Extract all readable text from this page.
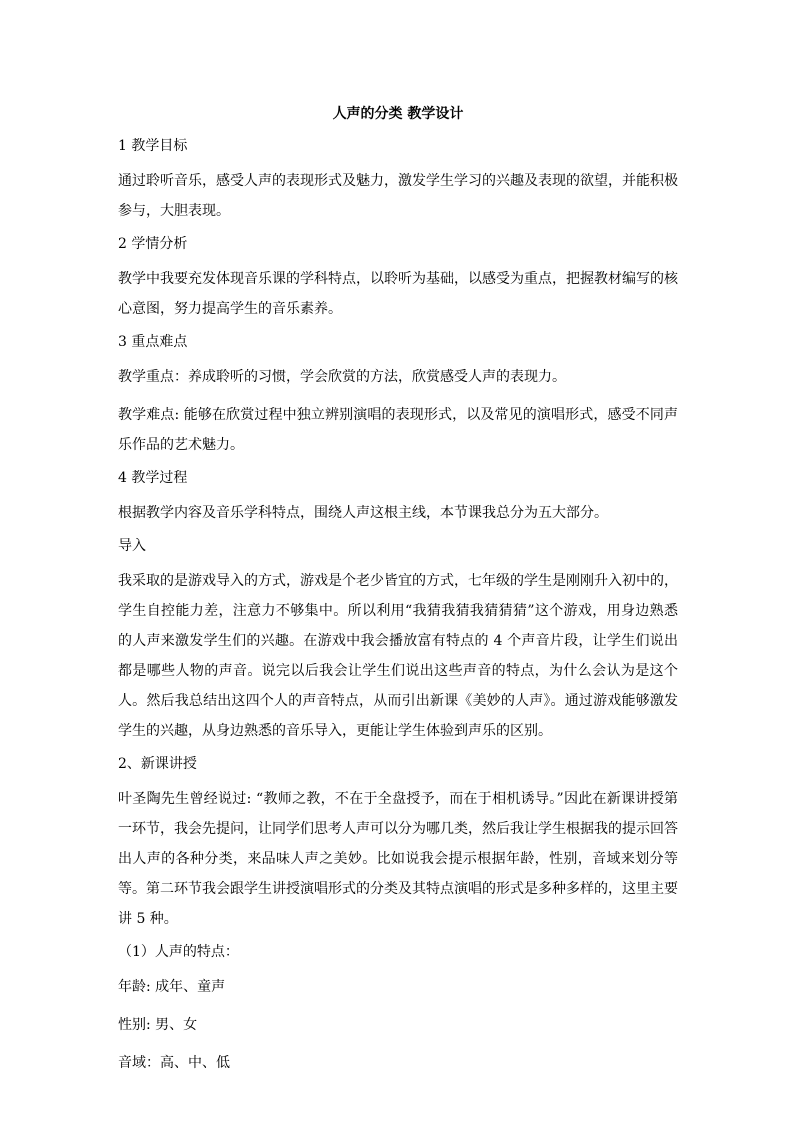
人声的分类 教学设计
1 教学目标
通过聆听音乐，感受人声的表现形式及魅力，激发学生学习的兴趣及表现的欲望，并能积极参与，大胆表现。
2 学情分析
教学中我要充发体现音乐课的学科特点，以聆听为基础，以感受为重点，把握教材编写的核心意图，努力提高学生的音乐素养。
3 重点难点
教学重点：养成聆听的习惯，学会欣赏的方法，欣赏感受人声的表现力。
教学难点: 能够在欣赏过程中独立辨别演唱的表现形式，以及常见的演唱形式，感受不同声乐作品的艺术魅力。
4 教学过程
根据教学内容及音乐学科特点，围绕人声这根主线，本节课我总分为五大部分。
导入
我采取的是游戏导入的方式，游戏是个老少皆宜的方式，七年级的学生是刚刚升入初中的，学生自控能力差，注意力不够集中。所以利用“我猜我猜我猜猜猜”这个游戏，用身边熟悉的人声来激发学生们的兴趣。在游戏中我会播放富有特点的 4 个声音片段，让学生们说出都是哪些人物的声音。说完以后我会让学生们说出这些声音的特点，为什么会认为是这个人。然后我总结出这四个人的声音特点，从而引出新课《美妙的人声》。通过游戏能够激发学生的兴趣，从身边熟悉的音乐导入，更能让学生体验到声乐的区别。
2、新课讲授
叶圣陶先生曾经说过: “教师之教，不在于全盘授予，而在于相机诱导。”因此在新课讲授第一环节，我会先提问，让同学们思考人声可以分为哪几类，然后我让学生根据我的提示回答出人声的各种分类，来品味人声之美妙。比如说我会提示根据年龄，性别，音域来划分等等。第二环节我会跟学生讲授演唱形式的分类及其特点演唱的形式是多种多样的，这里主要讲 5 种。
（1）人声的特点：
年龄: 成年、童声
性别: 男、女
音域：高、中、低
